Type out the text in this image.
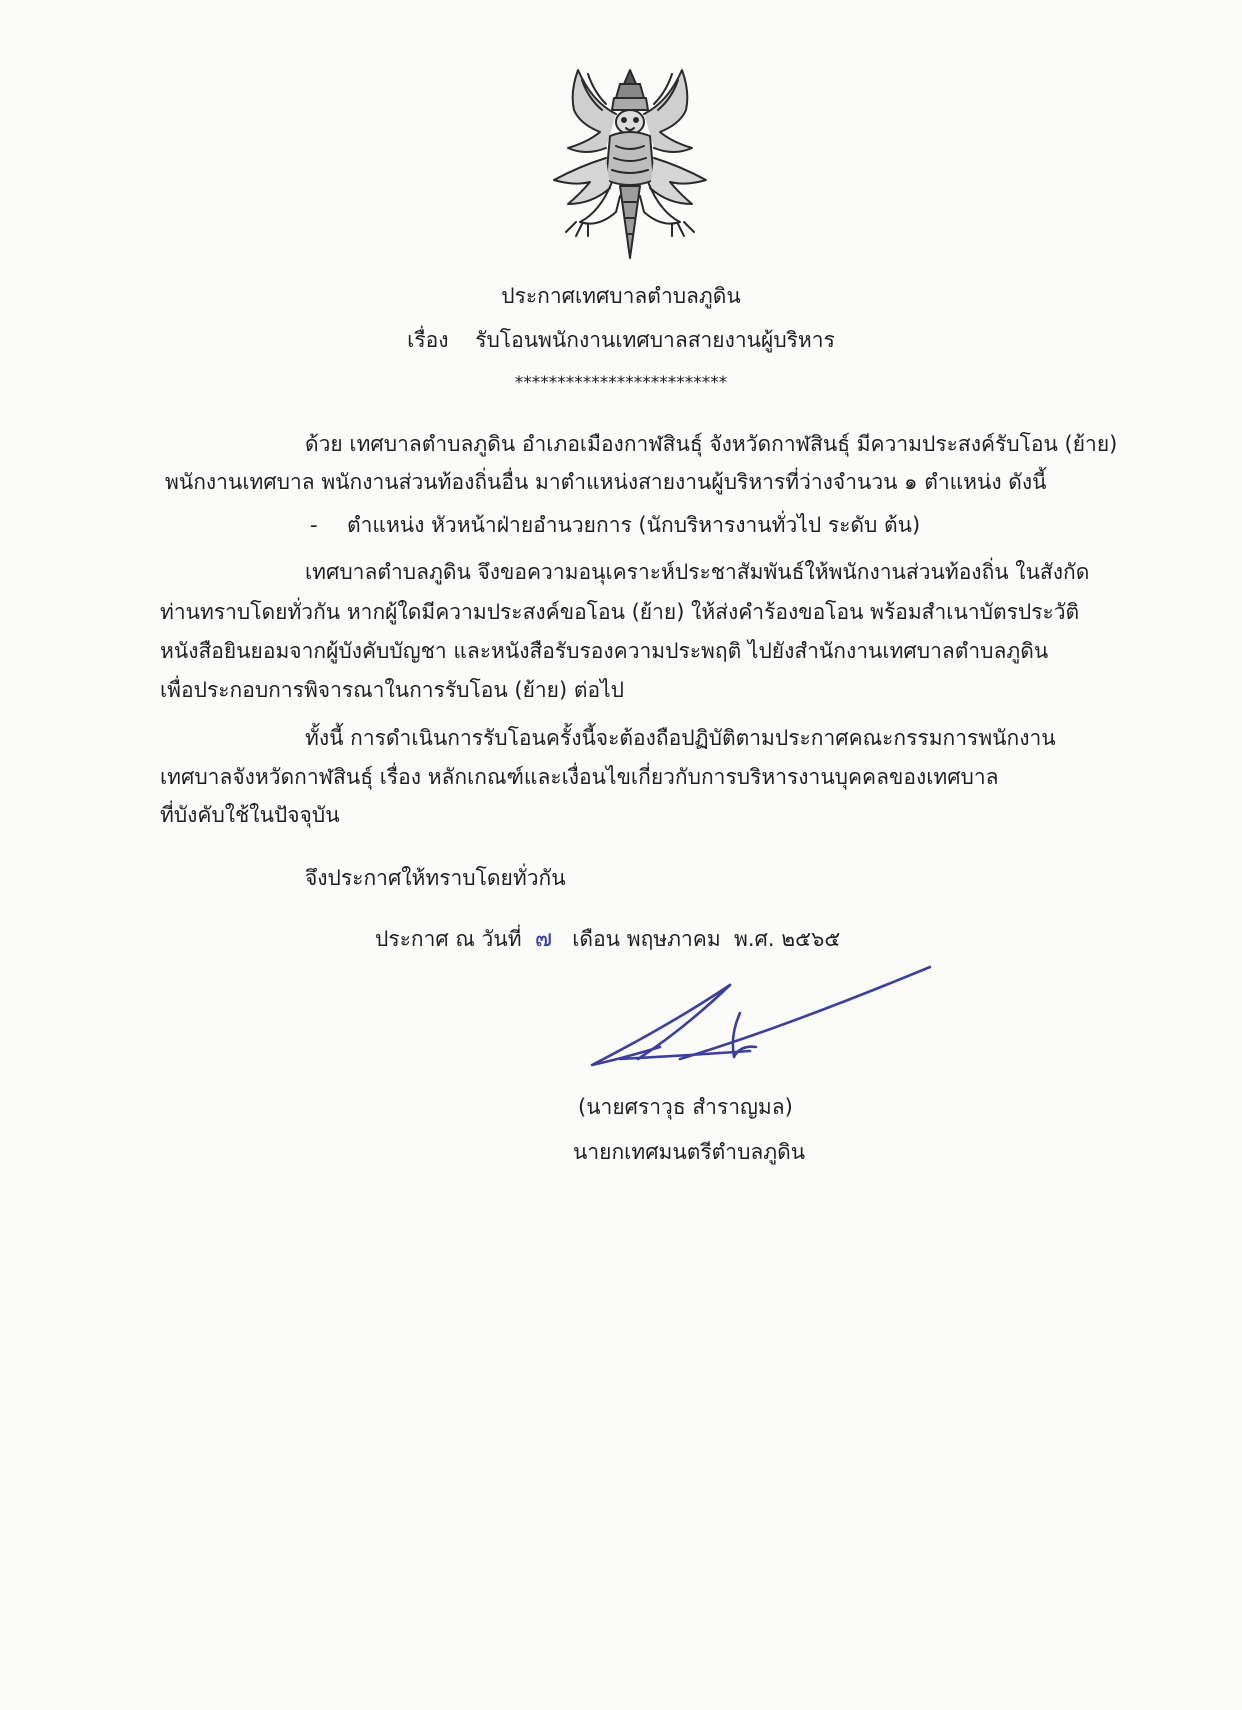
ประกาศเทศบาลตำบลภูดิน
เรื่อง รับโอนพนักงานเทศบาลสายงานผู้บริหาร
*************************
ด้วย เทศบาลตำบลภูดิน อำเภอเมืองกาฬสินธุ์ จังหวัดกาฬสินธุ์ มีความประสงค์รับโอน (ย้าย)
พนักงานเทศบาล พนักงานส่วนท้องถิ่นอื่น มาตำแหน่งสายงานผู้บริหารที่ว่างจำนวน ๑ ตำแหน่ง ดังนี้
- ตำแหน่ง หัวหน้าฝ่ายอำนวยการ (นักบริหารงานทั่วไป ระดับ ต้น)
เทศบาลตำบลภูดิน จึงขอความอนุเคราะห์ประชาสัมพันธ์ให้พนักงานส่วนท้องถิ่น ในสังกัด
ท่านทราบโดยทั่วกัน หากผู้ใดมีความประสงค์ขอโอน (ย้าย) ให้ส่งคำร้องขอโอน พร้อมสำเนาบัตรประวัติ
หนังสือยินยอมจากผู้บังคับบัญชา และหนังสือรับรองความประพฤติ ไปยังสำนักงานเทศบาลตำบลภูดิน
เพื่อประกอบการพิจารณาในการรับโอน (ย้าย) ต่อไป
ทั้งนี้ การดำเนินการรับโอนครั้งนี้จะต้องถือปฏิบัติตามประกาศคณะกรรมการพนักงาน
เทศบาลจังหวัดกาฬสินธุ์ เรื่อง หลักเกณฑ์และเงื่อนไขเกี่ยวกับการบริหารงานบุคคลของเทศบาล
ที่บังคับใช้ในปัจจุบัน
จึงประกาศให้ทราบโดยทั่วกัน
ประกาศ ณ วันที่ ๗ เดือน พฤษภาคม พ.ศ. ๒๕๖๕
(นายศราวุธ สำราญมล)
นายกเทศมนตรีตำบลภูดิน
